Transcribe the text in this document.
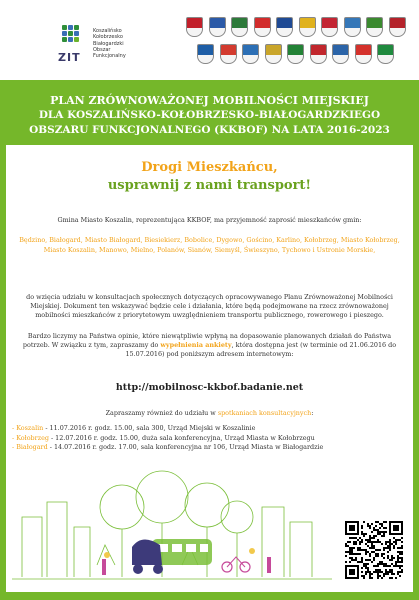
ZIT
Koszalińsko
Kołobrzesko
Białogardzki
Obszar
Funkcjonalny
PLAN ZRÓWNOWAŻONEJ MOBILNOŚCI MIEJSKIEJ
DLA KOSZALIŃSKO-KOŁOBRZESKO-BIAŁOGARDZKIEGO
OBSZARU FUNKCJONALNEGO (KKBOF) NA LATA 2016-2023
Drogi Mieszkańcu,
usprawnij z nami transport!
Gmina Miasto Koszalin, reprezentująca KKBOF, ma przyjemność zaprosić mieszkańców gmin:
Będzino, Białogard, Miasto Białogard, Biesiekierz, Bobolice, Dygowo, Gościno, Karlino, Kołobrzeg, Miasto Kołobrzeg, Miasto Koszalin, Manowo, Mielno, Polanów, Sianów, Siemyśl, Świeszyno, Tychowo i Ustronie Morskie,
do wzięcia udziału w konsultacjach społecznych dotyczących opracowywanego Planu Zrównoważonej Mobilności Miejskiej. Dokument ten wskazywać będzie cele i działania, które będą podejmowane na rzecz zrównoważonej mobilności mieszkańców z priorytetowym uwzględnieniem transportu publicznego, rowerowego i pieszego.
Bardzo liczymy na Państwa opinie, które niewątpliwie wpłyną na dopasowanie planowanych działań do Państwa potrzeb. W związku z tym, zapraszamy do wypełnienia ankiety, która dostępna jest (w terminie od 21.06.2016 do 15.07.2016) pod poniższym adresem internetowym:
http://mobilnosc-kkbof.badanie.net
Zapraszamy również do udziału w spotkaniach konsultacyjnych:
- Koszalin - 11.07.2016 r. godz. 15.00, sala 300, Urząd Miejski w Koszalinie
- Kołobrzeg - 12.07.2016 r. godz. 15.00, duża sala konferencyjna, Urząd Miasta w Kołobrzegu
- Białogard - 14.07.2016 r. godz. 17.00, sala konferencyjna nr 106, Urząd Miasta w Białogardzie
